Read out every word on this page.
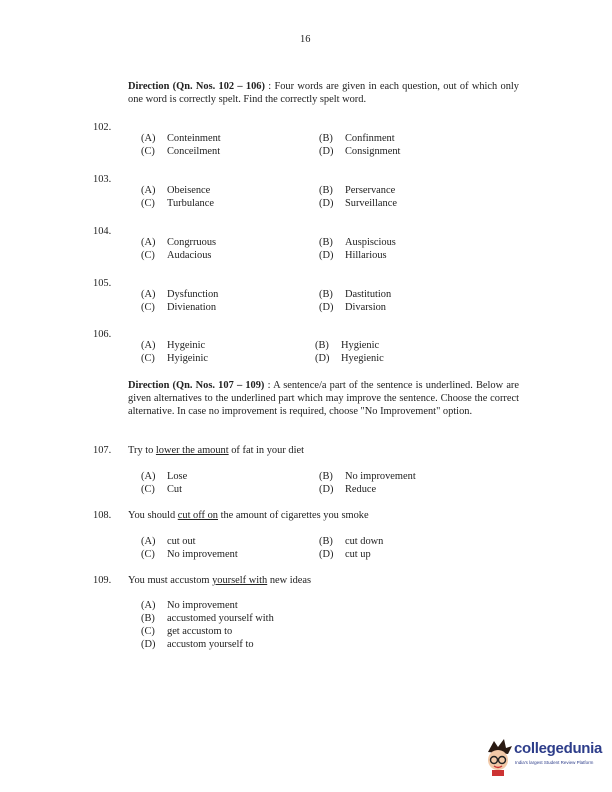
16
Direction (Qn. Nos. 102 – 106) : Four words are given in each question, out of which only one word is correctly spelt. Find the correctly spelt word.
102.
(A) Conteinment	(B) Confinment
(C) Conceilment	(D) Consignment
103.
(A) Obeisence	(B) Perservance
(C) Turbulance	(D) Surveillance
104.
(A) Congrruous	(B) Auspiscious
(C) Audacious	(D) Hillarious
105.
(A) Dysfunction	(B) Dastitution
(C) Divienation	(D) Divarsion
106.
(A) Hygeinic	(B) Hygienic
(C) Hyigeinic	(D) Hyegienic
107. Try to lower the amount of fat in your diet
(A) Lose	(B) No improvement
(C) Cut	(D) Reduce
108. You should cut off on the amount of cigarettes you smoke
(A) cut out	(B) cut down
(C) No improvement	(D) cut up
109. You must accustom yourself with new ideas
(A) No improvement
(B) accustomed yourself with
(C) get accustom to
(D) accustom yourself to
Direction (Qn. Nos. 107 – 109) : A sentence/a part of the sentence is underlined. Below are given alternatives to the underlined part which may improve the sentence. Choose the correct alternative. In case no improvement is required, choose "No Improvement" option.
collegedunia
India's largest Student Review Platform
